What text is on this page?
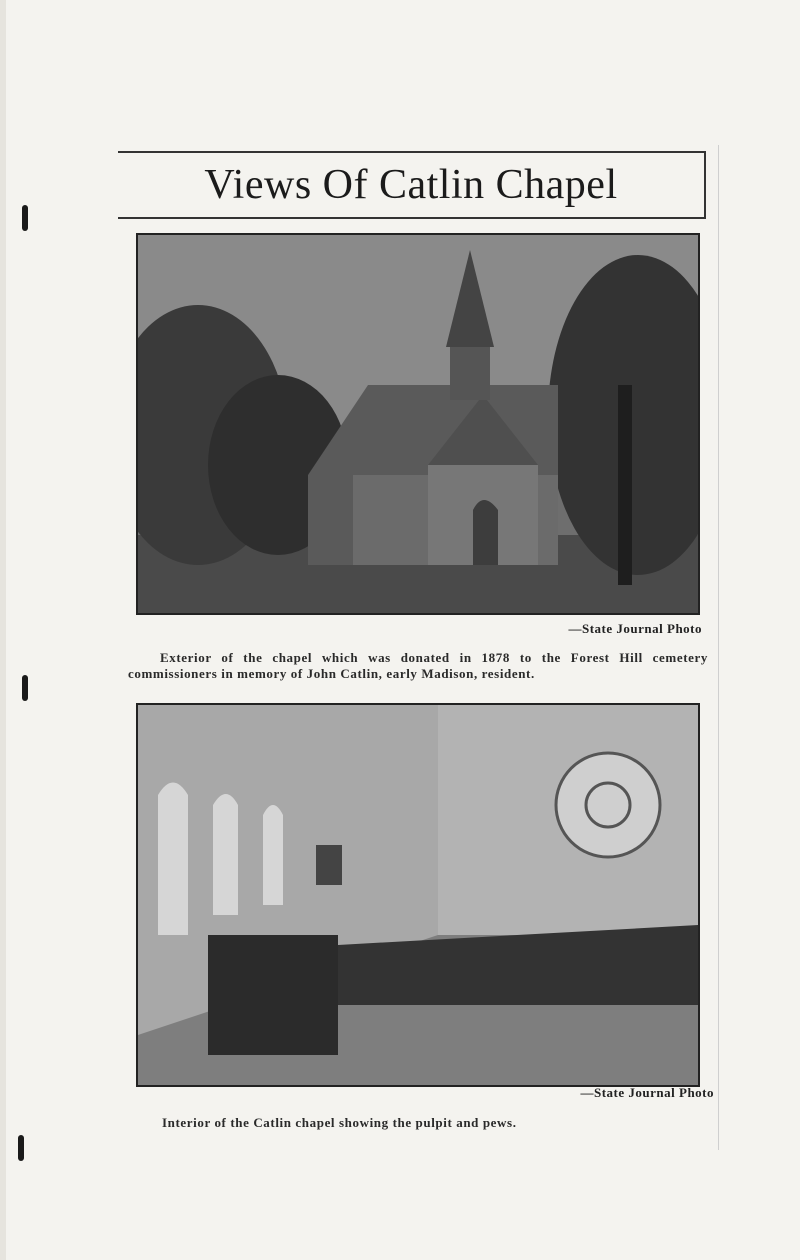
Views Of Catlin Chapel
—State Journal Photo
Exterior of the chapel which was donated in 1878 to the Forest Hill cemetery commissioners in memory of John Catlin, early Madison, resident.
—State Journal Photo
Interior of the Catlin chapel showing the pulpit and pews.
